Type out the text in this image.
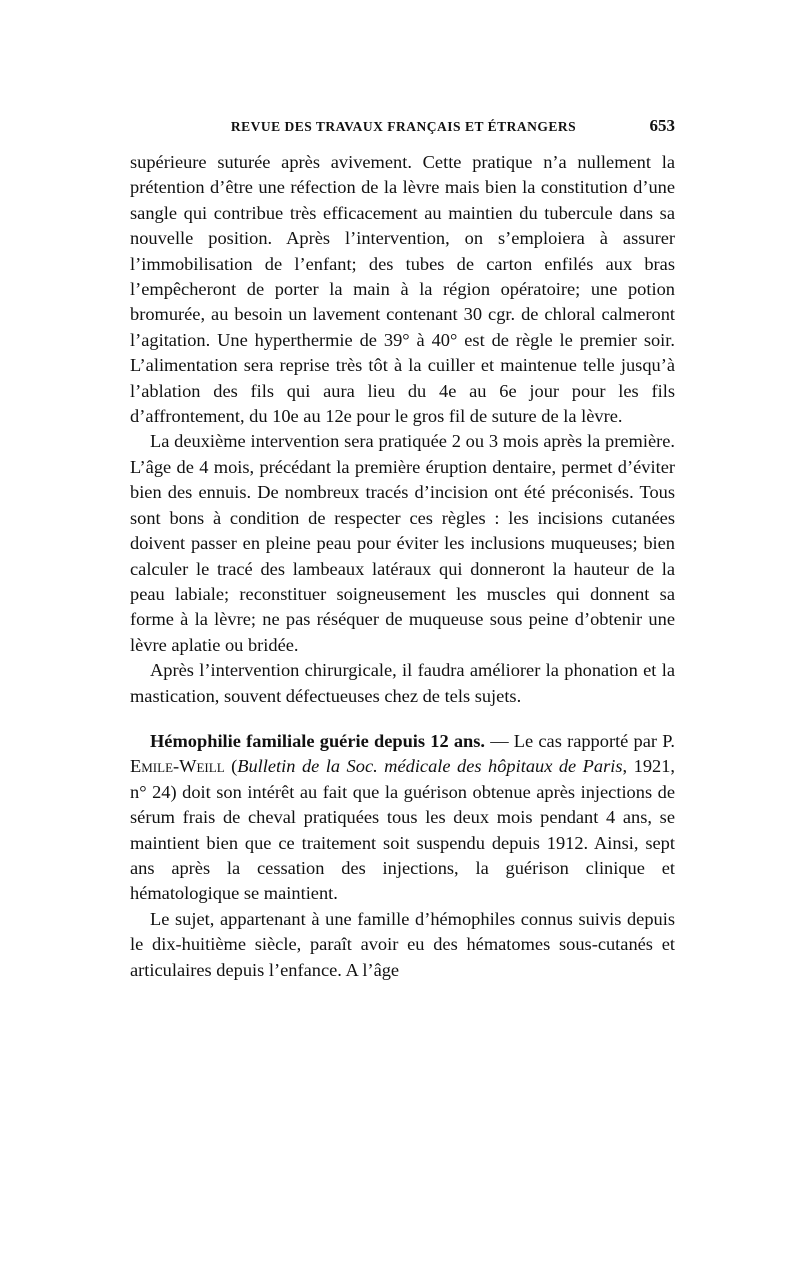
REVUE DES TRAVAUX FRANÇAIS ET ÉTRANGERS	653

supérieure suturée après avivement. Cette pratique n’a nullement la prétention d’être une réfection de la lèvre mais bien la constitution d’une sangle qui contribue très efficacement au maintien du tubercule dans sa nouvelle position. Après l’intervention, on s’emploiera à assurer l’immobilisation de l’enfant; des tubes de carton enfilés aux bras l’empêcheront de porter la main à la région opératoire; une potion bromurée, au besoin un lavement contenant 30 cgr. de chloral calmeront l’agitation. Une hyperthermie de 39° à 40° est de règle le premier soir. L’alimentation sera reprise très tôt à la cuiller et maintenue telle jusqu’à l’ablation des fils qui aura lieu du 4e au 6e jour pour les fils d’affrontement, du 10e au 12e pour le gros fil de suture de la lèvre.

La deuxième intervention sera pratiquée 2 ou 3 mois après la première. L’âge de 4 mois, précédant la première éruption dentaire, permet d’éviter bien des ennuis. De nombreux tracés d’incision ont été préconisés. Tous sont bons à condition de respecter ces règles : les incisions cutanées doivent passer en pleine peau pour éviter les inclusions muqueuses; bien calculer le tracé des lambeaux latéraux qui donneront la hauteur de la peau labiale; reconstituer soigneusement les muscles qui donnent sa forme à la lèvre; ne pas réséquer de muqueuse sous peine d’obtenir une lèvre aplatie ou bridée.

Après l’intervention chirurgicale, il faudra améliorer la phonation et la mastication, souvent défectueuses chez de tels sujets.

Hémophilie familiale guérie depuis 12 ans. — Le cas rapporté par P. Emile-Weill (Bulletin de la Soc. médicale des hôpitaux de Paris, 1921, n° 24) doit son intérêt au fait que la guérison obtenue après injections de sérum frais de cheval pratiquées tous les deux mois pendant 4 ans, se maintient bien que ce traitement soit suspendu depuis 1912. Ainsi, sept ans après la cessation des injections, la guérison clinique et hématologique se maintient.

Le sujet, appartenant à une famille d’hémophiles connus suivis depuis le dix-huitième siècle, paraît avoir eu des hématomes sous-cutanés et articulaires depuis l’enfance. A l’âge
